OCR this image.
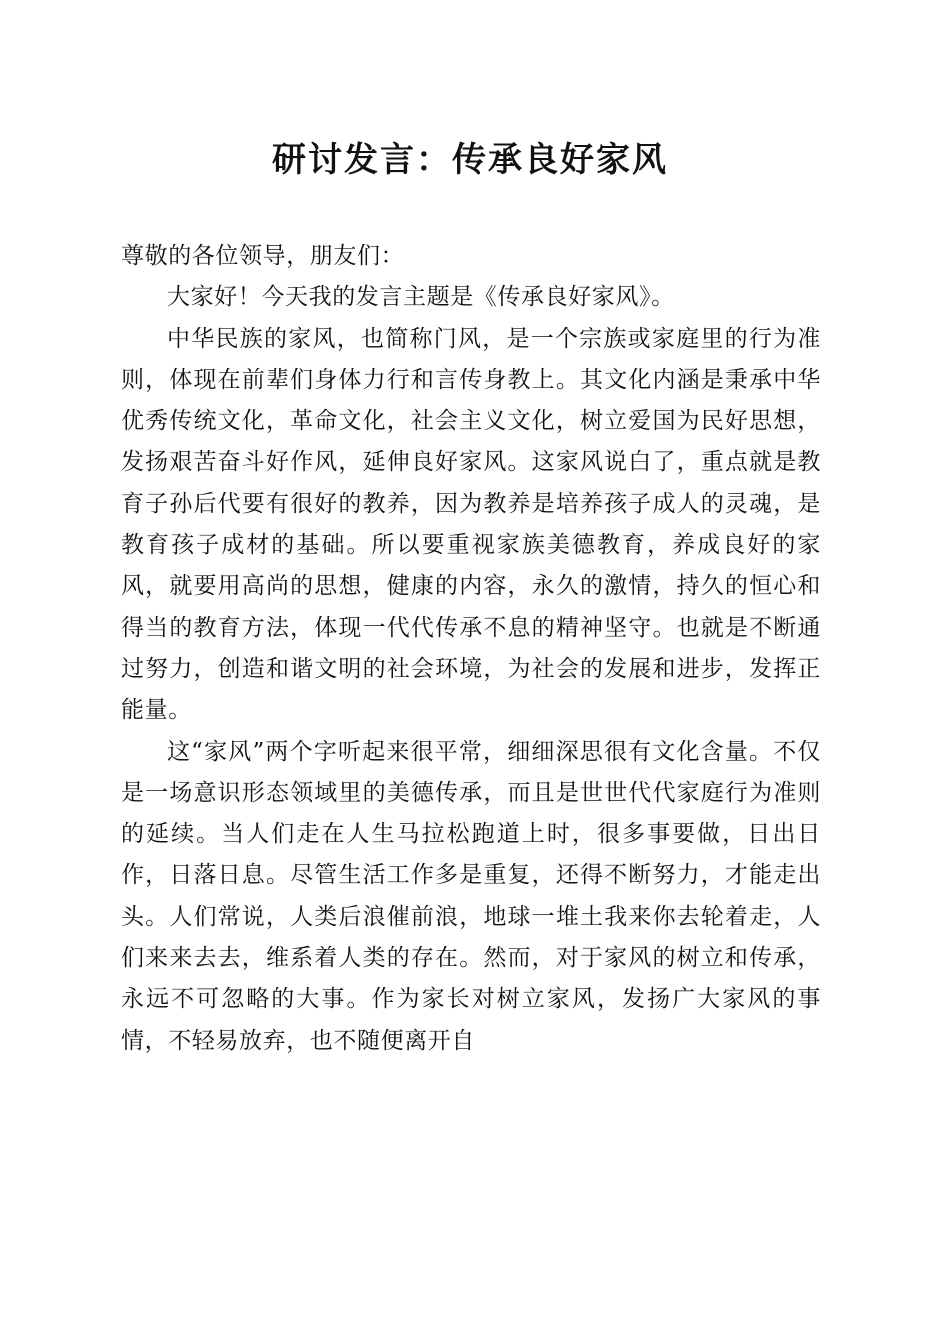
研讨发言：传承良好家风

尊敬的各位领导，朋友们：

大家好！今天我的发言主题是《传承良好家风》。

中华民族的家风，也简称门风，是一个宗族或家庭里的行为准则，体现在前辈们身体力行和言传身教上。其文化内涵是秉承中华优秀传统文化，革命文化，社会主义文化，树立爱国为民好思想，发扬艰苦奋斗好作风，延伸良好家风。这家风说白了，重点就是教育子孙后代要有很好的教养，因为教养是培养孩子成人的灵魂，是教育孩子成材的基础。所以要重视家族美德教育，养成良好的家风，就要用高尚的思想，健康的内容，永久的激情，持久的恒心和得当的教育方法，体现一代代传承不息的精神坚守。也就是不断通过努力，创造和谐文明的社会环境，为社会的发展和进步，发挥正能量。

这“家风”两个字听起来很平常，细细深思很有文化含量。不仅是一场意识形态领域里的美德传承，而且是世世代代家庭行为准则的延续。当人们走在人生马拉松跑道上时，很多事要做，日出日作，日落日息。尽管生活工作多是重复，还得不断努力，才能走出头。人们常说，人类后浪催前浪，地球一堆土我来你去轮着走，人们来来去去，维系着人类的存在。然而，对于家风的树立和传承，永远不可忽略的大事。作为家长对树立家风，发扬广大家风的事情，不轻易放弃，也不随便离开自
